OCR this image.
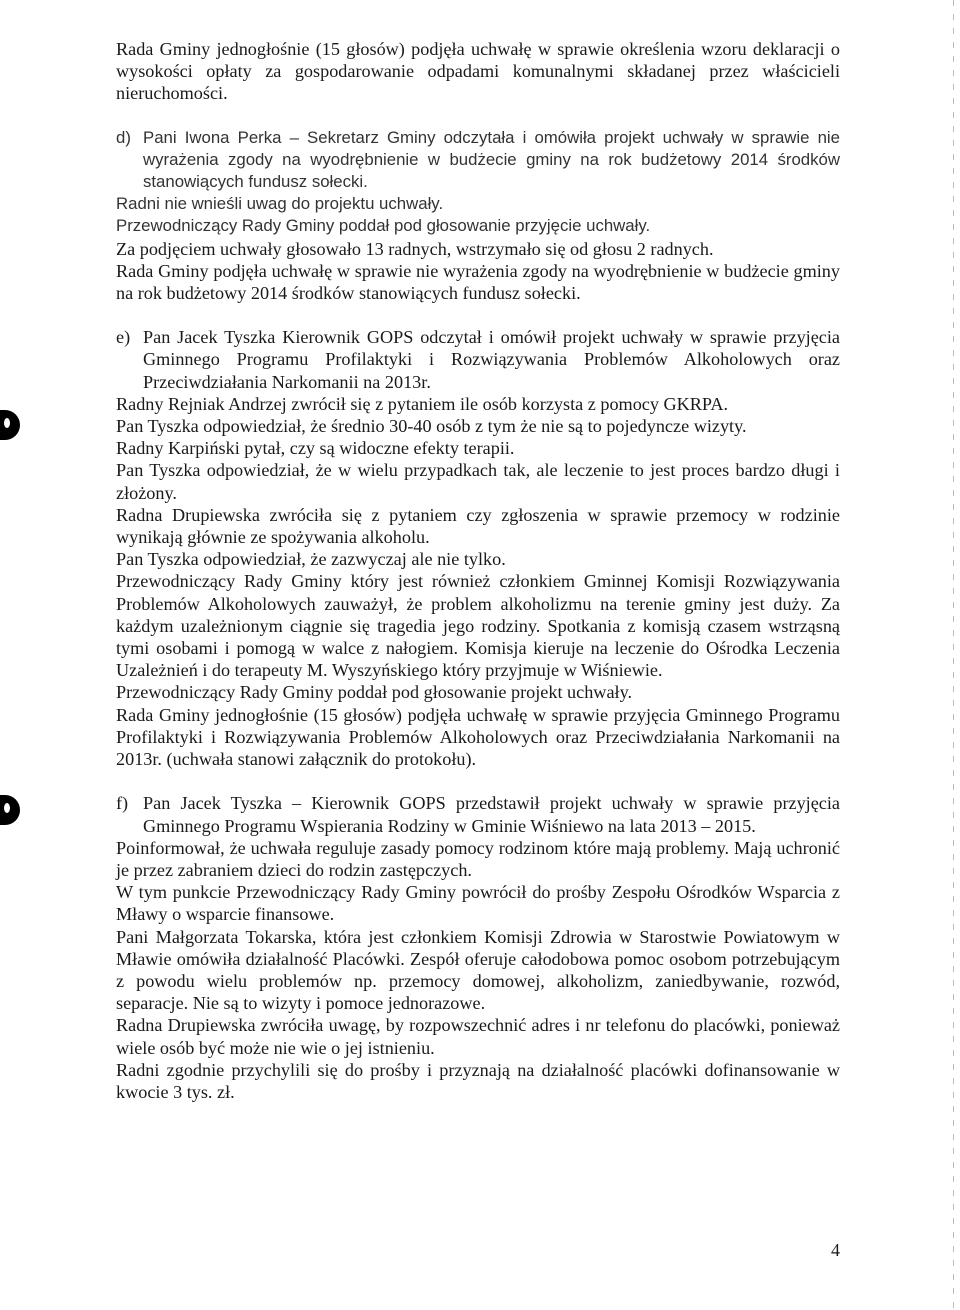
Rada Gminy jednogłośnie (15 głosów) podjęła uchwałę w sprawie określenia wzoru deklaracji o wysokości opłaty za gospodarowanie odpadami komunalnymi składanej przez właścicieli nieruchomości.

d) Pani Iwona Perka – Sekretarz Gminy odczytała i omówiła projekt uchwały w sprawie nie wyrażenia zgody na wyodrębnienie w budżecie gminy na rok budżetowy 2014 środków stanowiących fundusz sołecki.

Radni nie wnieśli uwag do projektu uchwały.

Przewodniczący Rady Gminy poddał pod głosowanie przyjęcie uchwały.

Za podjęciem uchwały głosowało 13 radnych, wstrzymało się od głosu 2 radnych.

Rada Gminy podjęła uchwałę w sprawie nie wyrażenia zgody na wyodrębnienie w budżecie gminy na rok budżetowy 2014 środków stanowiących fundusz sołecki.

e) Pan Jacek Tyszka Kierownik GOPS odczytał i omówił projekt uchwały w sprawie przyjęcia Gminnego Programu Profilaktyki i Rozwiązywania Problemów Alkoholowych oraz Przeciwdziałania Narkomanii na 2013r.

Radny Rejniak Andrzej zwrócił się z pytaniem ile osób korzysta z pomocy GKRPA.

Pan Tyszka odpowiedział, że średnio 30-40 osób z tym że nie są to pojedyncze wizyty.

Radny Karpiński pytał, czy są widoczne efekty terapii.

Pan Tyszka odpowiedział, że w wielu przypadkach tak, ale leczenie to jest proces bardzo długi i złożony.

Radna Drupiewska zwróciła się z pytaniem czy zgłoszenia w sprawie przemocy w rodzinie wynikają głównie ze spożywania alkoholu.

Pan Tyszka odpowiedział, że zazwyczaj ale nie tylko.

Przewodniczący Rady Gminy który jest również członkiem Gminnej Komisji Rozwiązywania Problemów Alkoholowych zauważył, że problem alkoholizmu na terenie gminy jest duży. Za każdym uzależnionym ciągnie się tragedia jego rodziny. Spotkania z komisją czasem wstrząsną tymi osobami i pomogą w walce z nałogiem. Komisja kieruje na leczenie do Ośrodka Leczenia Uzależnień i do terapeuty M. Wyszyńskiego który przyjmuje w Wiśniewie.

Przewodniczący Rady Gminy poddał pod głosowanie projekt uchwały.

Rada Gminy jednogłośnie (15 głosów) podjęła uchwałę w sprawie przyjęcia Gminnego Programu Profilaktyki i Rozwiązywania Problemów Alkoholowych oraz Przeciwdziałania Narkomanii na 2013r. (uchwała stanowi załącznik do protokołu).

f) Pan Jacek Tyszka – Kierownik GOPS przedstawił projekt uchwały w sprawie przyjęcia Gminnego Programu Wspierania Rodziny w Gminie Wiśniewo na lata 2013 – 2015.

Poinformował, że uchwała reguluje zasady pomocy rodzinom które mają problemy. Mają uchronić je przez zabraniem dzieci do rodzin zastępczych.

W tym punkcie Przewodniczący Rady Gminy powrócił do prośby Zespołu Ośrodków Wsparcia z Mławy o wsparcie finansowe.

Pani Małgorzata Tokarska, która jest członkiem Komisji Zdrowia w Starostwie Powiatowym w Mławie omówiła działalność Placówki. Zespół oferuje całodobowa pomoc osobom potrzebującym z powodu wielu problemów np. przemocy domowej, alkoholizm, zaniedbywanie, rozwód, separacje. Nie są to wizyty i pomoce jednorazowe.

Radna Drupiewska zwróciła uwagę, by rozpowszechnić adres i nr telefonu do placówki, ponieważ wiele osób być może nie wie o jej istnieniu.

Radni zgodnie przychylili się do prośby i przyznają na działalność placówki dofinansowanie w kwocie 3 tys. zł.

4
